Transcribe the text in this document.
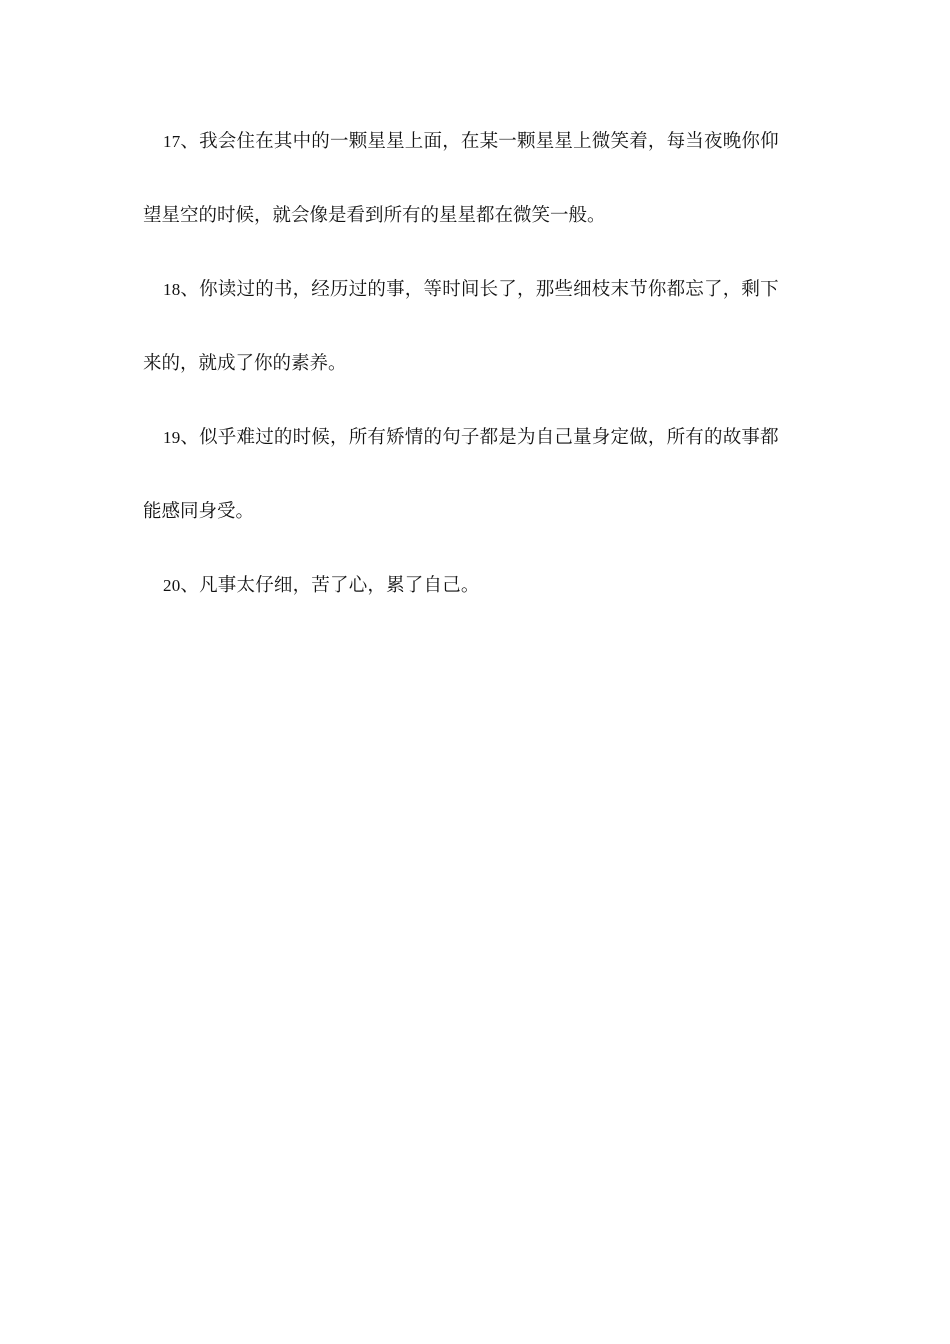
17、我会住在其中的一颗星星上面，在某一颗星星上微笑着，每当夜晚你仰
望星空的时候，就会像是看到所有的星星都在微笑一般。
18、你读过的书，经历过的事，等时间长了，那些细枝末节你都忘了，剩下
来的，就成了你的素养。
19、似乎难过的时候，所有矫情的句子都是为自己量身定做，所有的故事都
能感同身受。
20、凡事太仔细，苦了心，累了自己。
